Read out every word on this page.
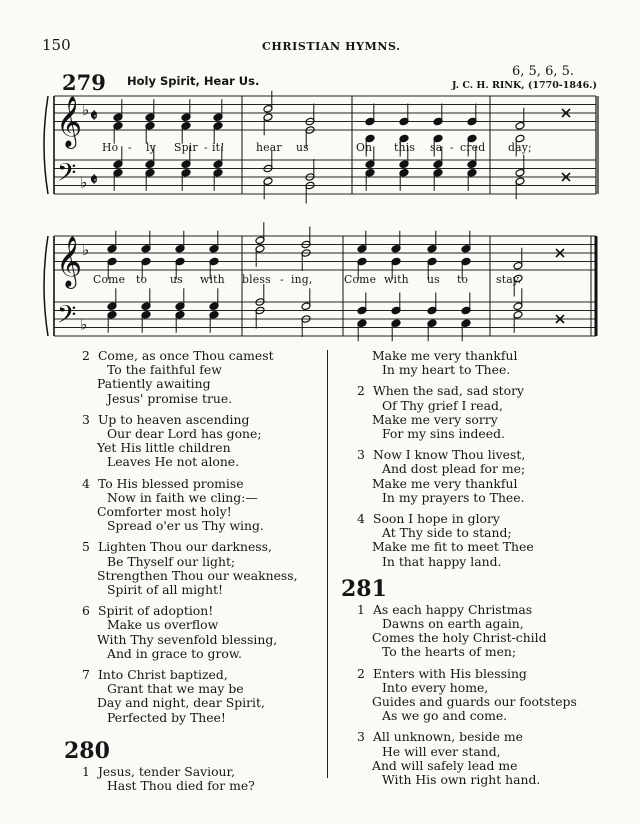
150	CHRISTIAN HYMNS.
279 Holy Spirit, Hear Us.
6, 5, 6, 5.
J. C. H. RINK, (1770-1846.)
𝄞
𝄢
♭
♭
𝄵
𝄵
𝄞
𝄢
♭
♭
Ho - ly Spir - it!	hear us	On this sa - cred day;
Come to us with bless - ing,	Come with us to	stay.
2 Come, as once Thou camest
To the faithful few
Patiently awaiting
Jesus' promise true.
3 Up to heaven ascending
Our dear Lord has gone;
Yet His little children
Leaves He not alone.
4 To His blessed promise
Now in faith we cling:—
Comforter most holy!
Spread o'er us Thy wing.
5 Lighten Thou our darkness,
Be Thyself our light;
Strengthen Thou our weakness,
Spirit of all might!
6 Spirit of adoption!
Make us overflow
With Thy sevenfold blessing,
And in grace to grow.
7 Into Christ baptized,
Grant that we may be
Day and night, dear Spirit,
Perfected by Thee!
280
1 Jesus, tender Saviour,
Hast Thou died for me?
Make me very thankful
In my heart to Thee.
2 When the sad, sad story
Of Thy grief I read,
Make me very sorry
For my sins indeed.
3 Now I know Thou livest,
And dost plead for me;
Make me very thankful
In my prayers to Thee.
4 Soon I hope in glory
At Thy side to stand;
Make me fit to meet Thee
In that happy land.
281
1 As each happy Christmas
Dawns on earth again,
Comes the holy Christ-child
To the hearts of men;
2 Enters with His blessing
Into every home,
Guides and guards our footsteps
As we go and come.
3 All unknown, beside me
He will ever stand,
And will safely lead me
With His own right hand.
